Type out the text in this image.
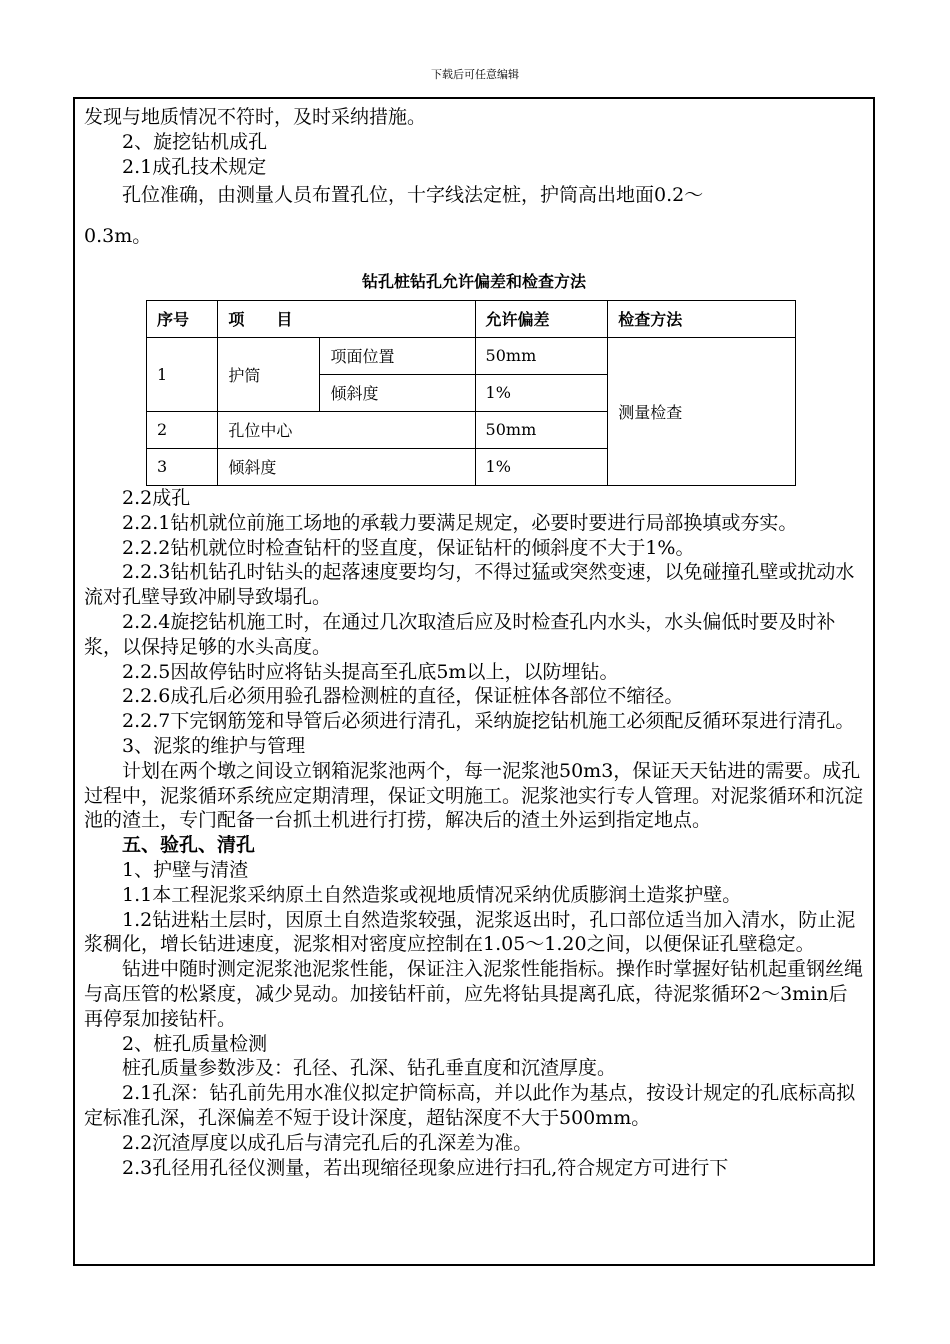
下载后可任意编辑

发现与地质情况不符时，及时采纳措施。

2、旋挖钻机成孔

2.1成孔技术规定

孔位准确，由测量人员布置孔位，十字线法定桩，护筒高出地面0.2～

0.3m。

钻孔桩钻孔允许偏差和检查方法
序号	项　　目		允许偏差	检查方法
1	护筒	项面位置	50mm	测量检查
		倾斜度	1%	
2	孔位中心		50mm	
3	倾斜度		1%	

2.2成孔

2.2.1钻机就位前施工场地的承载力要满足规定，必要时要进行局部换填或夯实。

2.2.2钻机就位时检查钻杆的竖直度，保证钻杆的倾斜度不大于1%。

2.2.3钻机钻孔时钻头的起落速度要均匀，不得过猛或突然变速，以免碰撞孔壁或扰动水流对孔壁导致冲刷导致塌孔。

2.2.4旋挖钻机施工时，在通过几次取渣后应及时检查孔内水头，水头偏低时要及时补浆，以保持足够的水头高度。

2.2.5因故停钻时应将钻头提高至孔底5m以上，以防埋钻。

2.2.6成孔后必须用验孔器检测桩的直径，保证桩体各部位不缩径。

2.2.7下完钢筋笼和导管后必须进行清孔，采纳旋挖钻机施工必须配反循环泵进行清孔。

3、泥浆的维护与管理

计划在两个墩之间设立钢箱泥浆池两个，每一泥浆池50m3，保证天天钻进的需要。成孔过程中，泥浆循环系统应定期清理，保证文明施工。泥浆池实行专人管理。对泥浆循环和沉淀池的渣土，专门配备一台抓土机进行打捞，解决后的渣土外运到指定地点。

五、验孔、清孔

1、护壁与清渣

1.1本工程泥浆采纳原土自然造浆或视地质情况采纳优质膨润土造浆护壁。

1.2钻进粘土层时，因原土自然造浆较强，泥浆返出时，孔口部位适当加入清水，防止泥浆稠化，增长钻进速度，泥浆相对密度应控制在1.05～1.20之间，以便保证孔壁稳定。

钻进中随时测定泥浆池泥浆性能，保证注入泥浆性能指标。操作时掌握好钻机起重钢丝绳与高压管的松紧度，减少晃动。加接钻杆前，应先将钻具提离孔底，待泥浆循环2～3min后再停泵加接钻杆。

2、桩孔质量检测

桩孔质量参数涉及：孔径、孔深、钻孔垂直度和沉渣厚度。

2.1孔深：钻孔前先用水准仪拟定护筒标高，并以此作为基点，按设计规定的孔底标高拟定标准孔深，孔深偏差不短于设计深度，超钻深度不大于500mm。

2.2沉渣厚度以成孔后与清完孔后的孔深差为准。

2.3孔径用孔径仪测量，若出现缩径现象应进行扫孔,符合规定方可进行下
